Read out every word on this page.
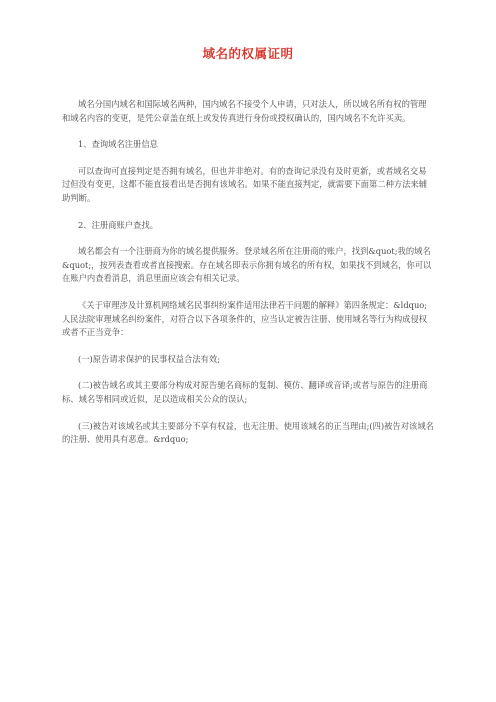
域名的权属证明

域名分国内域名和国际域名两种，国内域名不接受个人申请，只对法人，所以域名所有权的管理和域名内容的变更，是凭公章盖在纸上或发传真进行身份或授权确认的，国内域名不允许买卖。

1、查询域名注册信息

可以查询可直接判定是否拥有域名，但也并非绝对。有的查询记录没有及时更新，或者域名交易过但没有变更，这都不能直接看出是否拥有该域名。如果不能直接判定，就需要下面第二种方法来辅助判断。

2、注册商账户查找。

域名都会有一个注册商为你的域名提供服务。登录域名所在注册商的账户，找到&quot;我的域名&quot;，按列表查看或者直接搜索。存在域名即表示你拥有域名的所有权，如果找不到域名，你可以在账户内查看消息，消息里面应该会有相关记录。

《关于审理涉及计算机网络域名民事纠纷案件适用法律若干问题的解释》第四条规定：&ldquo;人民法院审理域名纠纷案件，对符合以下各项条件的，应当认定被告注册、使用域名等行为构成侵权或者不正当竞争：

(一)原告请求保护的民事权益合法有效;

(二)被告域名或其主要部分构成对原告驰名商标的复制、模仿、翻译或音译;或者与原告的注册商标、域名等相同或近似，足以造成相关公众的误认;

(三)被告对该域名或其主要部分不享有权益，也无注册、使用该域名的正当理由;(四)被告对该域名的注册、使用具有恶意。&rdquo;
